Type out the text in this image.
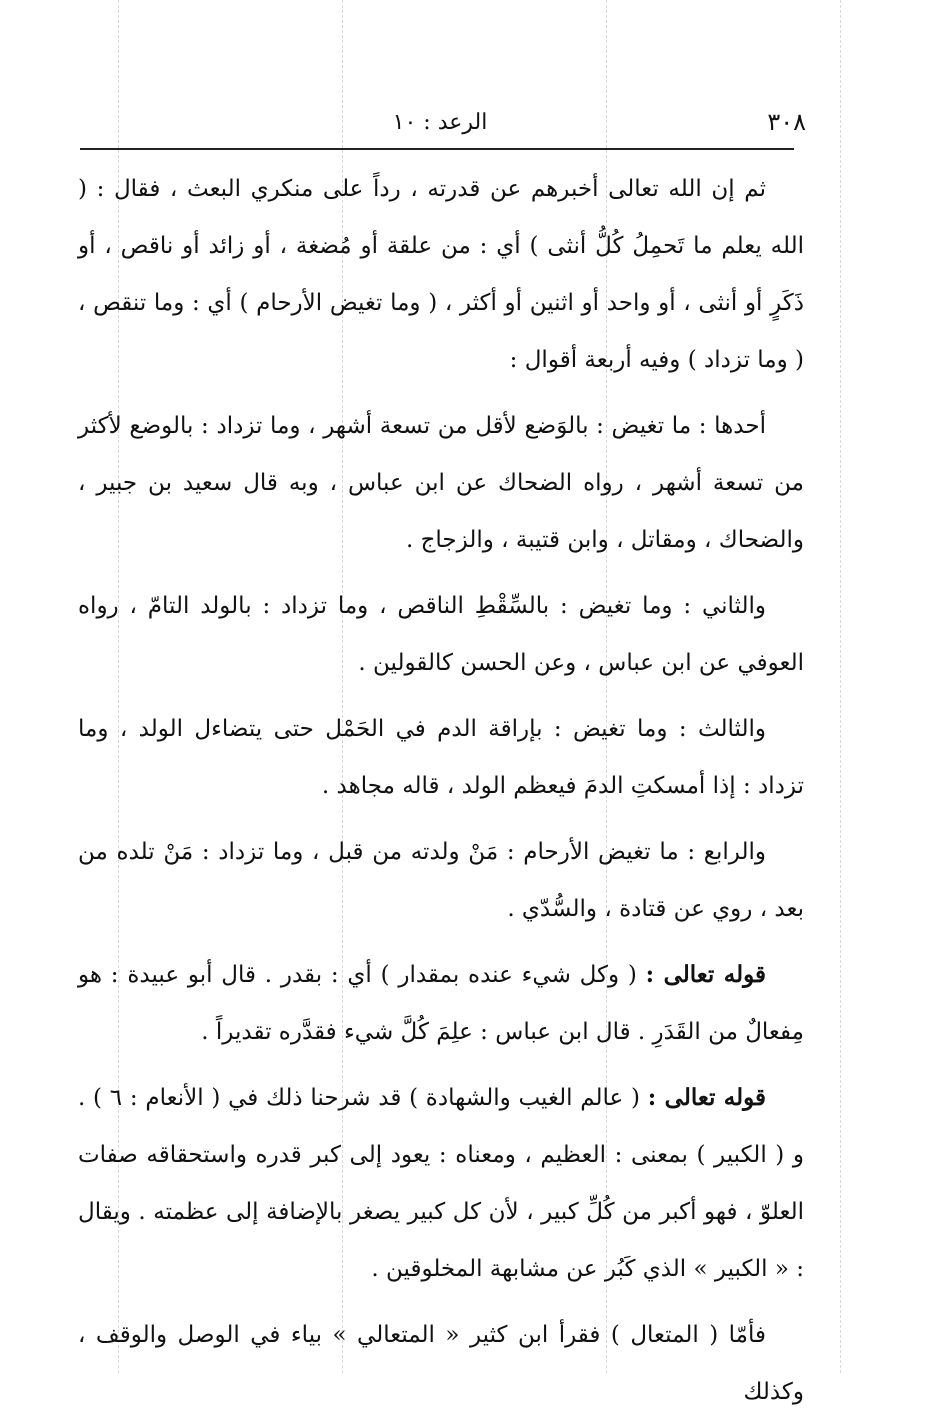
٣٠٨
الرعد : ١٠

ثم إن الله تعالى أخبرهم عن قدرته ، رداً على منكري البعث ، فقال : ( الله يعلم ما تَحمِلُ كُلُّ أنثى ) أي : من علقة أو مُضغة ، أو زائد أو ناقص ، أو ذَكَرٍ أو أنثى ، أو واحد أو اثنين أو أكثر ، ( وما تغيض الأرحام ) أي : وما تنقص ، ( وما تزداد ) وفيه أربعة أقوال :

أحدها : ما تغيض : بالوَضع لأقل من تسعة أشهر ، وما تزداد : بالوضع لأكثر من تسعة أشهر ، رواه الضحاك عن ابن عباس ، وبه قال سعيد بن جبير ، والضحاك ، ومقاتل ، وابن قتيبة ، والزجاج .

والثاني : وما تغيض : بالسِّقْطِ الناقص ، وما تزداد : بالولد التامّ ، رواه العوفي عن ابن عباس ، وعن الحسن كالقولين .

والثالث : وما تغيض : بإراقة الدم في الحَمْل حتى يتضاءل الولد ، وما تزداد : إذا أمسكتِ الدمَ فيعظم الولد ، قاله مجاهد .

والرابع : ما تغيض الأرحام : مَنْ ولدته من قبل ، وما تزداد : مَنْ تلده من بعد ، روي عن قتادة ، والسُّدّي .

قوله تعالى : ( وكل شيء عنده بمقدار ) أي : بقدر . قال أبو عبيدة : هو مِفعالٌ من القَدَرِ . قال ابن عباس : علِمَ كُلَّ شيء فقدَّره تقديراً .

قوله تعالى : ( عالم الغيب والشهادة ) قد شرحنا ذلك في ( الأنعام : ٦ ) . و ( الكبير ) بمعنى : العظيم ، ومعناه : يعود إلى كبر قدره واستحقاقه صفات العلوّ ، فهو أكبر من كُلِّ كبير ، لأن كل كبير يصغر بالإضافة إلى عظمته . ويقال : « الكبير » الذي كَبُر عن مشابهة المخلوقين .

فأمّا ( المتعال ) فقرأ ابن كثير « المتعالي » بياء في الوصل والوقف ، وكذلك
